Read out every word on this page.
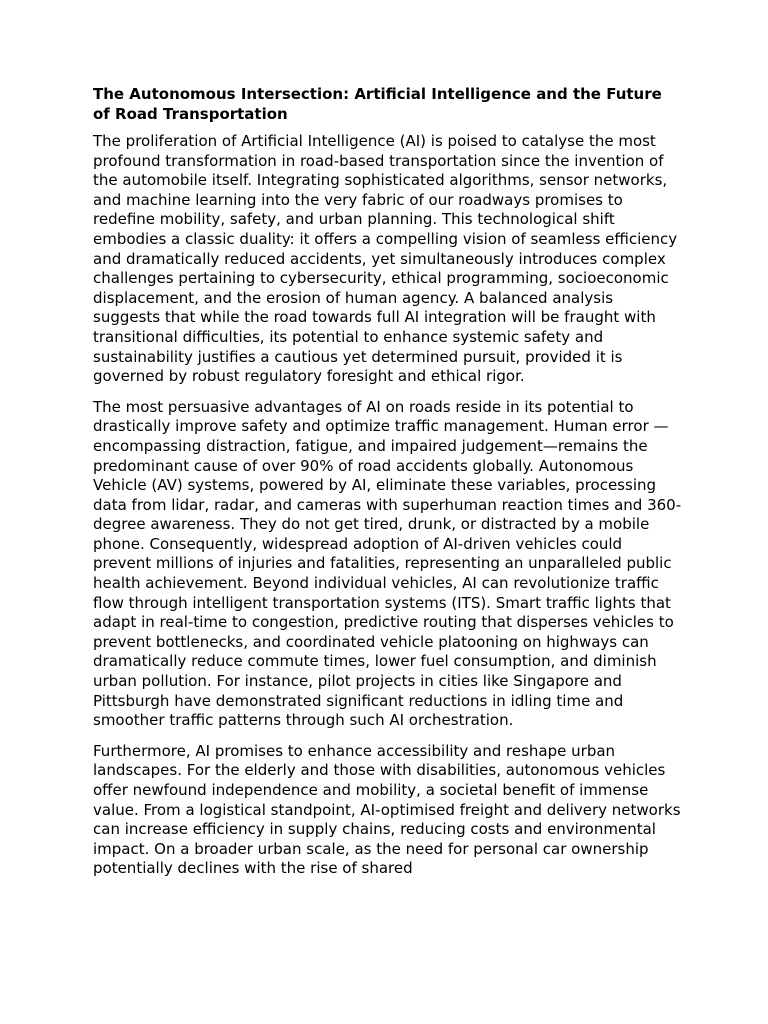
The Autonomous Intersection: Artificial Intelligence and the Future of Road Transportation

The proliferation of Artificial Intelligence (AI) is poised to catalyse the most profound transformation in road-based transportation since the invention of the automobile itself. Integrating sophisticated algorithms, sensor networks, and machine learning into the very fabric of our roadways promises to redefine mobility, safety, and urban planning. This technological shift embodies a classic duality: it offers a compelling vision of seamless efficiency and dramatically reduced accidents, yet simultaneously introduces complex challenges pertaining to cybersecurity, ethical programming, socioeconomic displacement, and the erosion of human agency. A balanced analysis suggests that while the road towards full AI integration will be fraught with transitional difficulties, its potential to enhance systemic safety and sustainability justifies a cautious yet determined pursuit, provided it is governed by robust regulatory foresight and ethical rigor.

The most persuasive advantages of AI on roads reside in its potential to drastically improve safety and optimize traffic management. Human error —encompassing distraction, fatigue, and impaired judgement—remains the predominant cause of over 90% of road accidents globally. Autonomous Vehicle (AV) systems, powered by AI, eliminate these variables, processing data from lidar, radar, and cameras with superhuman reaction times and 360-degree awareness. They do not get tired, drunk, or distracted by a mobile phone. Consequently, widespread adoption of AI-driven vehicles could prevent millions of injuries and fatalities, representing an unparalleled public health achievement. Beyond individual vehicles, AI can revolutionize traffic flow through intelligent transportation systems (ITS). Smart traffic lights that adapt in real-time to congestion, predictive routing that disperses vehicles to prevent bottlenecks, and coordinated vehicle platooning on highways can dramatically reduce commute times, lower fuel consumption, and diminish urban pollution. For instance, pilot projects in cities like Singapore and Pittsburgh have demonstrated significant reductions in idling time and smoother traffic patterns through such AI orchestration.

Furthermore, AI promises to enhance accessibility and reshape urban landscapes. For the elderly and those with disabilities, autonomous vehicles offer newfound independence and mobility, a societal benefit of immense value. From a logistical standpoint, AI-optimised freight and delivery networks can increase efficiency in supply chains, reducing costs and environmental impact. On a broader urban scale, as the need for personal car ownership potentially declines with the rise of shared
